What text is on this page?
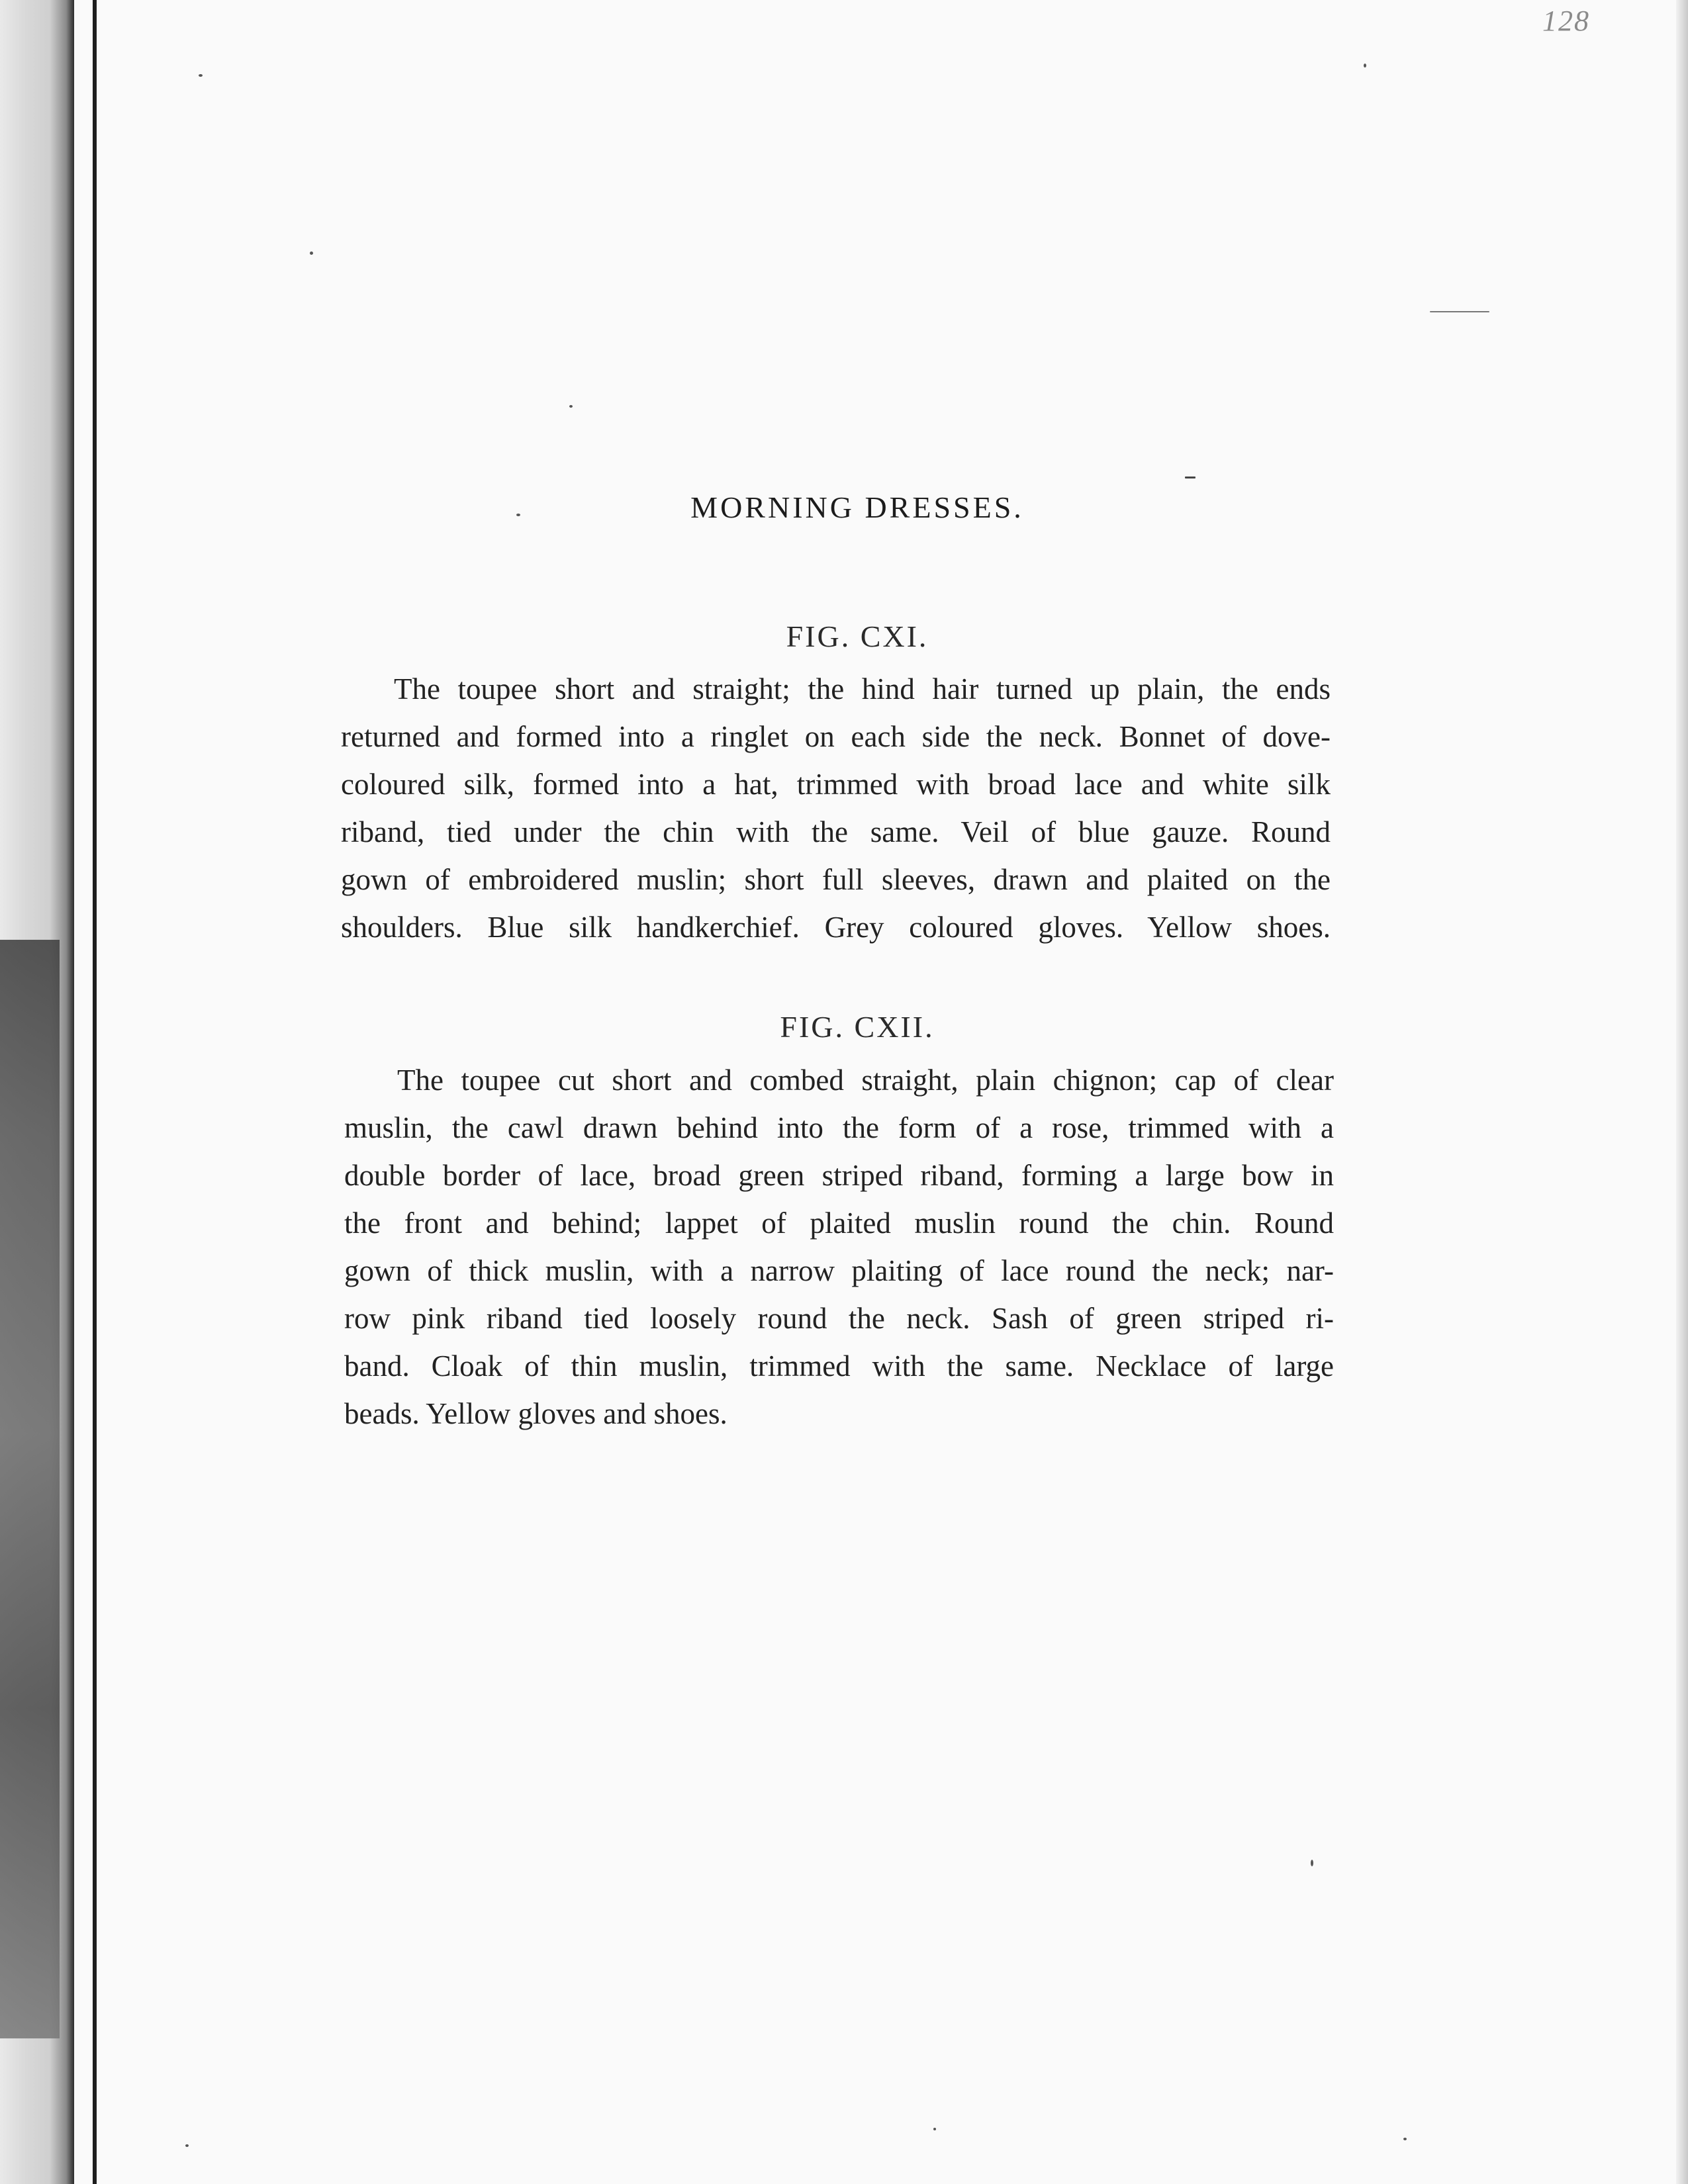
128
MORNING DRESSES.
FIG. CXI.
The toupee short and straight; the hind hair turned up plain, the ends
returned and formed into a ringlet on each side the neck. Bonnet of dove-
coloured silk, formed into a hat, trimmed with broad lace and white silk
riband, tied under the chin with the same. Veil of blue gauze. Round
gown of embroidered muslin; short full sleeves, drawn and plaited on the
shoulders. Blue silk handkerchief. Grey coloured gloves. Yellow shoes.
FIG. CXII.
The toupee cut short and combed straight, plain chignon; cap of clear
muslin, the cawl drawn behind into the form of a rose, trimmed with a
double border of lace, broad green striped riband, forming a large bow in
the front and behind; lappet of plaited muslin round the chin. Round
gown of thick muslin, with a narrow plaiting of lace round the neck; nar-
row pink riband tied loosely round the neck. Sash of green striped ri-
band. Cloak of thin muslin, trimmed with the same. Necklace of large
beads. Yellow gloves and shoes.
